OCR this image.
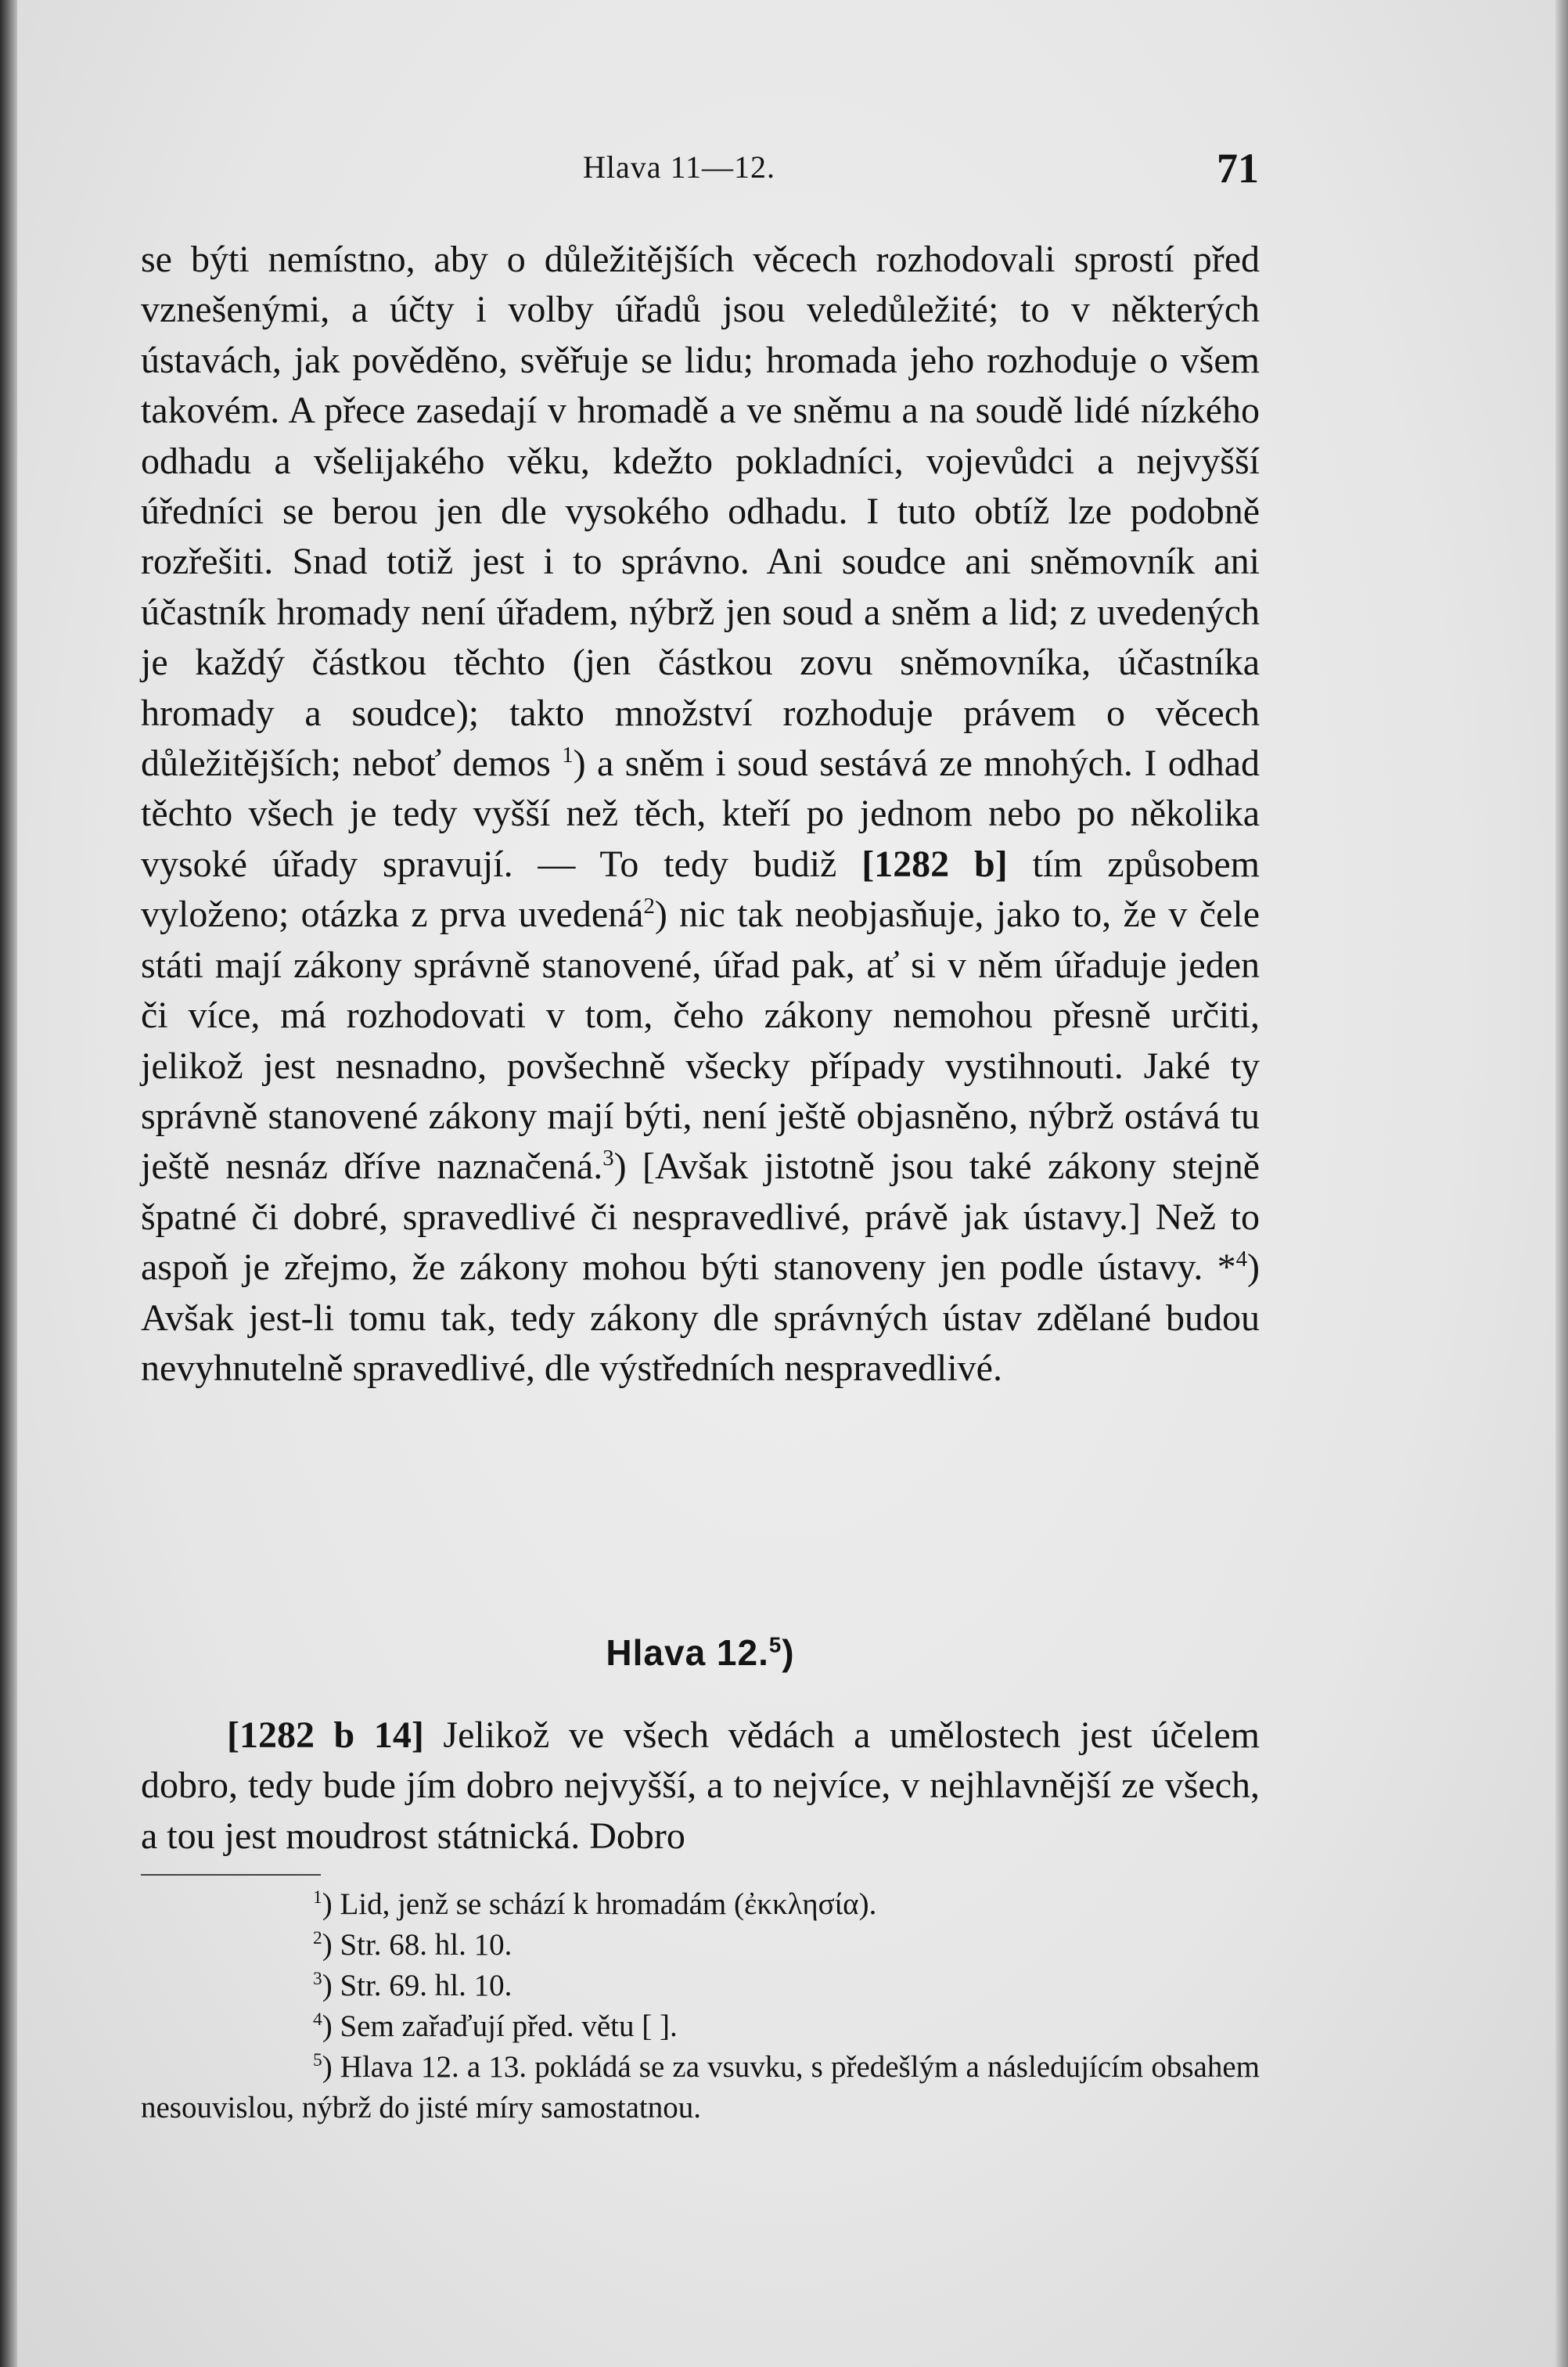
Hlava 11—12.	71

se býti nemístno, aby o důležitějších věcech rozhodovali sprostí před vznešenými, a účty i volby úřadů jsou veledůležité; to v některých ústavách, jak pověděno, svěřuje se lidu; hromada jeho rozhoduje o všem takovém. A přece zasedají v hromadě a ve sněmu a na soudě lidé nízkého odhadu a všelijakého věku, kdežto pokladníci, vojevůdci a nejvyšší úředníci se berou jen dle vysokého odhadu. I tuto obtíž lze podobně rozřešiti. Snad totiž jest i to správno. Ani soudce ani sněmovník ani účastník hromady není úřadem, nýbrž jen soud a sněm a lid; z uvedených je každý částkou těchto (jen částkou zovu sněmovníka, účastníka hromady a soudce); takto množství rozhoduje právem o věcech důležitějších; neboť demos $^1$) a sněm i soud sestává ze mnohých. I odhad těchto všech je tedy vyšší než těch, kteří po jednom nebo po několika vysoké úřady spravují. — To tedy budiž [1282 b] tím způsobem vyloženo; otázka z prva uvedená$^2$) nic tak neobjasňuje, jako to, že v čele státi mají zákony správně stanovené, úřad pak, ať si v něm úřaduje jeden či více, má rozhodovati v tom, čeho zákony nemohou přesně určiti, jelikož jest nesnadno, povšechně všecky případy vystihnouti. Jaké ty správně stanovené zákony mají býti, není ještě objasněno, nýbrž ostává tu ještě nesnáz dříve naznačená.$^3$) [Avšak jistotně jsou také zákony stejně špatné či dobré, spravedlivé či nespravedlivé, právě jak ústavy.] Než to aspoň je zřejmo, že zákony mohou býti stanoveny jen podle ústavy. *$^4$) Avšak jest-li tomu tak, tedy zákony dle správných ústav zdělané budou nevyhnutelně spravedlivé, dle výstředních nespravedlivé.

Hlava 12.$^5$)

[1282 b 14] Jelikož ve všech vědách a umělostech jest účelem dobro, tedy bude jím dobro nejvyšší, a to nejvíce, v nejhlavnější ze všech, a tou jest moudrost státnická. Dobro

$^1$) Lid, jenž se schází k hromadám (ἐκκλησία).
$^2$) Str. 68. hl. 10.
$^3$) Str. 69. hl. 10.
$^4$) Sem zařaďují před. větu [ ].
$^5$) Hlava 12. a 13. pokládá se za vsuvku, s předešlým a následujícím obsahem nesouvislou, nýbrž do jisté míry samostatnou.
